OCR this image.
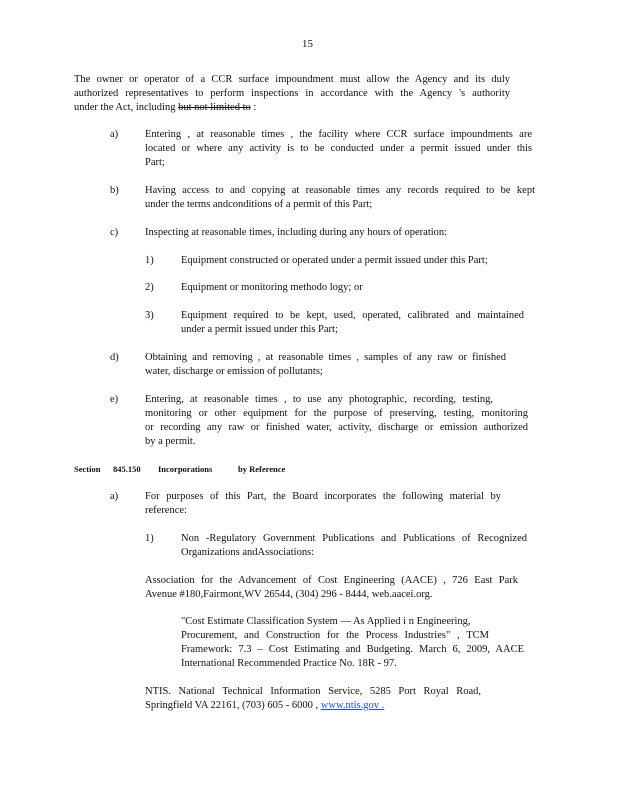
15
The owner or operator of a CCR surface impoundment must allow the Agency and its duly
authorized representatives to perform inspections in accordance with the Agency 's authority
under the Act, including but not limited to :
a)	Entering , at reasonable times , the facility where CCR surface impoundments are
located or where any activity is to be conducted under a permit issued under this
Part;
b)	Having access to and copying at reasonable times any records required to be kept
under the terms andconditions of a permit of this Part;
c)	Inspecting at reasonable times, including during any hours of operation:
1)	Equipment constructed or operated under a permit issued under this Part;
2)	Equipment or monitoring methodo logy; or
3)	Equipment required to be kept, used, operated, calibrated and maintained
under a permit issued under this Part;
d)	Obtaining and removing , at reasonable times , samples of any raw or finished
water, discharge or emission of pollutants;
e)	Entering, at reasonable times , to use any photographic, recording, testing,
monitoring or other equipment for the purpose of preserving, testing, monitoring
or recording any raw or finished water, activity, discharge or emission authorized
by a permit.
Section 845.150 Incorporations	by Reference
a)	For purposes of this Part, the Board incorporates the following material by
reference:
1)	Non -Regulatory Government Publications and Publications of Recognized
Organizations andAssociations:
Association for the Advancement of Cost Engineering (AACE) , 726 East Park
Avenue #180,Fairmont,WV 26544, (304) 296 - 8444, web.aacei.org.
"Cost Estimate Classification System — As Applied i n Engineering,
Procurement, and Construction for the Process Industries" , TCM
Framework: 7.3 – Cost Estimating and Budgeting. March 6, 2009, AACE
International Recommended Practice No. 18R - 97.
NTIS. National Technical Information Service, 5285 Port Royal Road,
Springfield VA 22161, (703) 605 - 6000 , www.ntis.gov .
